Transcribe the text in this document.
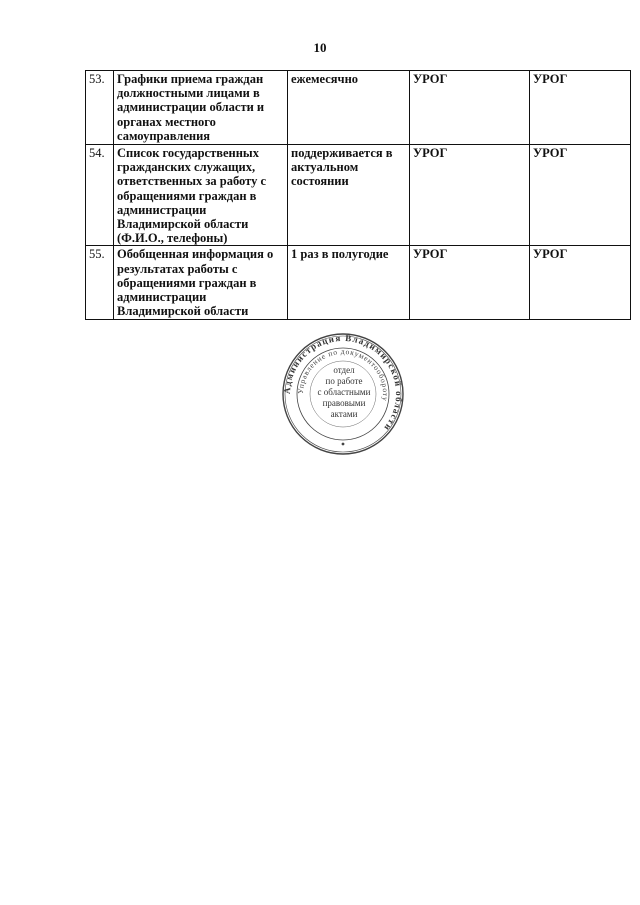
10
53.	Графики приема граждан должностными лицами в администрации области и органах местного самоуправления	ежемесячно	УРОГ	УРОГ
54.	Список государственных гражданских служащих, ответственных за работу с обращениями граждан в администрации Владимирской области (Ф.И.О., телефоны)	поддерживается в актуальном состоянии	УРОГ	УРОГ
55.	Обобщенная информация о результатах работы с обращениями граждан в администрации Владимирской области	1 раз в полугодие	УРОГ	УРОГ
Администрация Владимирской области
Управление по документообороту
отдел
по работе
с областными
правовыми
актами
